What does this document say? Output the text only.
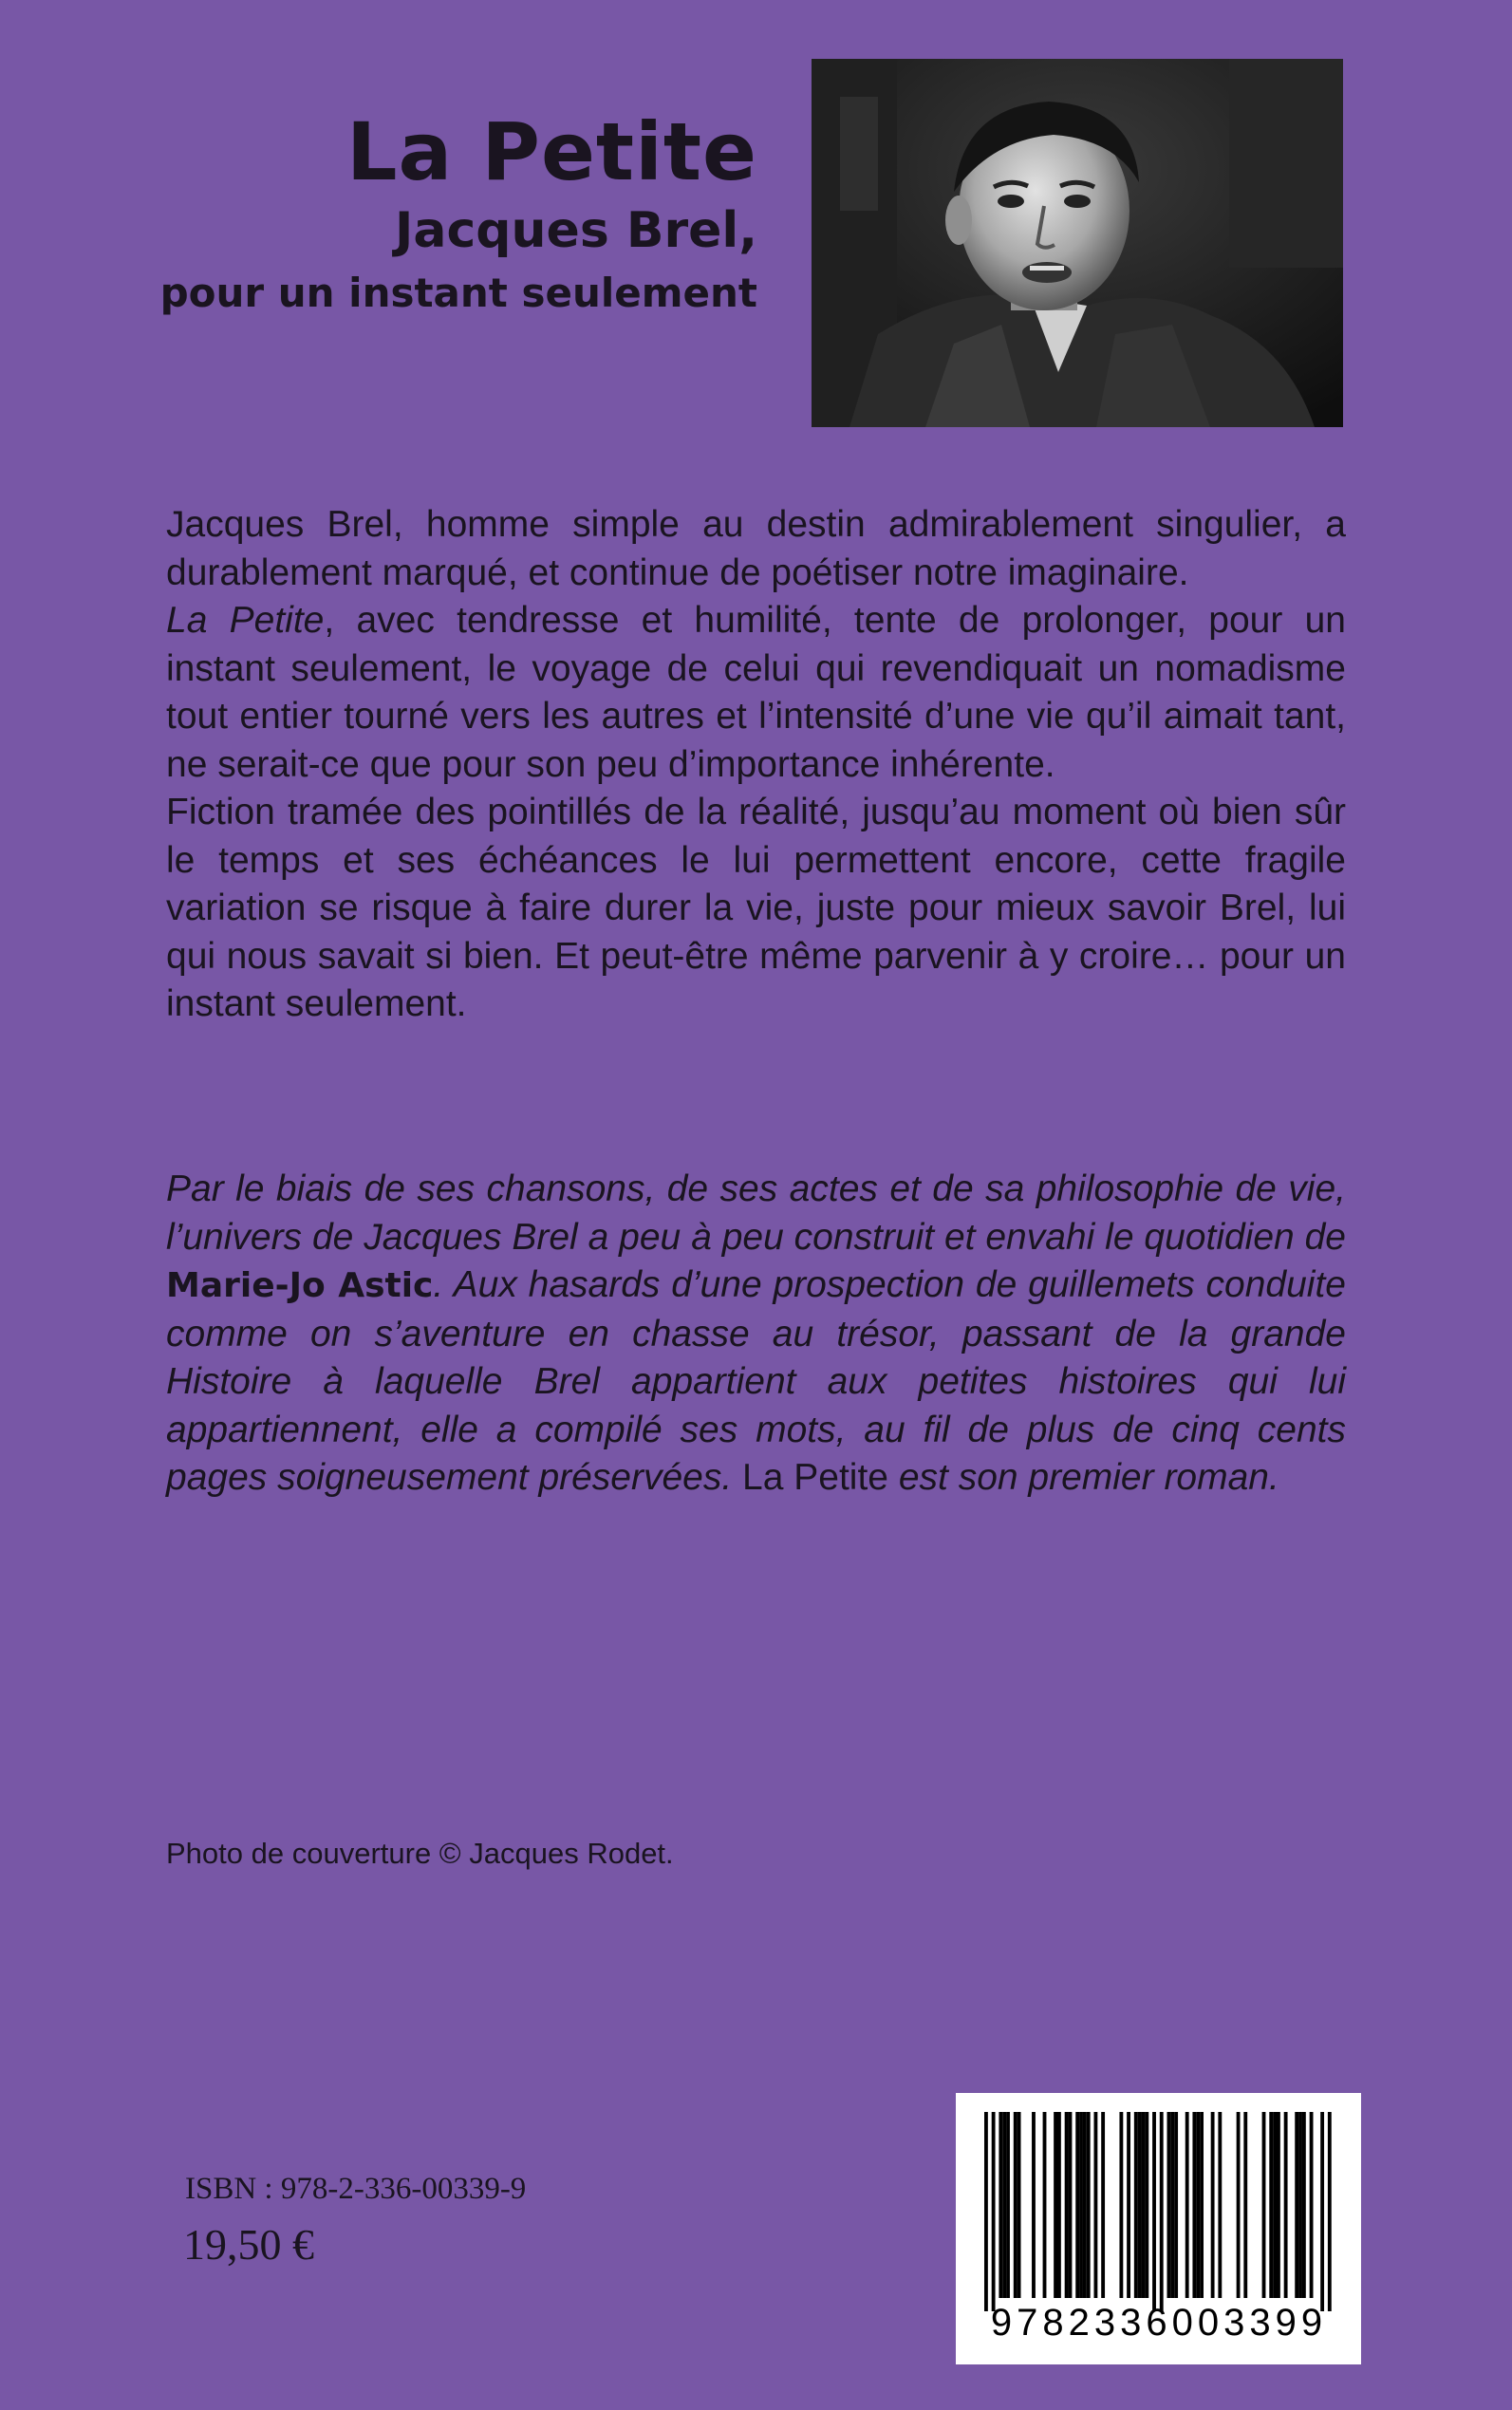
La Petite
Jacques Brel,
pour un instant seulement

Jacques Brel, homme simple au destin admirablement singulier, a durablement marqué, et continue de poétiser notre imaginaire.

La Petite, avec tendresse et humilité, tente de prolonger, pour un instant seulement, le voyage de celui qui revendiquait un nomadisme tout entier tourné vers les autres et l’intensité d’une vie qu’il aimait tant, ne serait-ce que pour son peu d’importance inhérente.

Fiction tramée des pointillés de la réalité, jusqu’au moment où bien sûr le temps et ses échéances le lui permettent encore, cette fragile variation se risque à faire durer la vie, juste pour mieux savoir Brel, lui qui nous savait si bien. Et peut-être même parvenir à y croire… pour un instant seulement.

Par le biais de ses chansons, de ses actes et de sa philosophie de vie, l’univers de Jacques Brel a peu à peu construit et envahi le quotidien de Marie-Jo Astic. Aux hasards d’une prospection de guillemets conduite comme on s’aventure en chasse au trésor, passant de la grande Histoire à laquelle Brel appartient aux petites histoires qui lui appartiennent, elle a compilé ses mots, au fil de plus de cinq cents pages soigneusement préservées. La Petite est son premier roman.

Photo de couverture © Jacques Rodet.
ISBN : 978-2-336-00339-9
19,50 €
9782336003399
